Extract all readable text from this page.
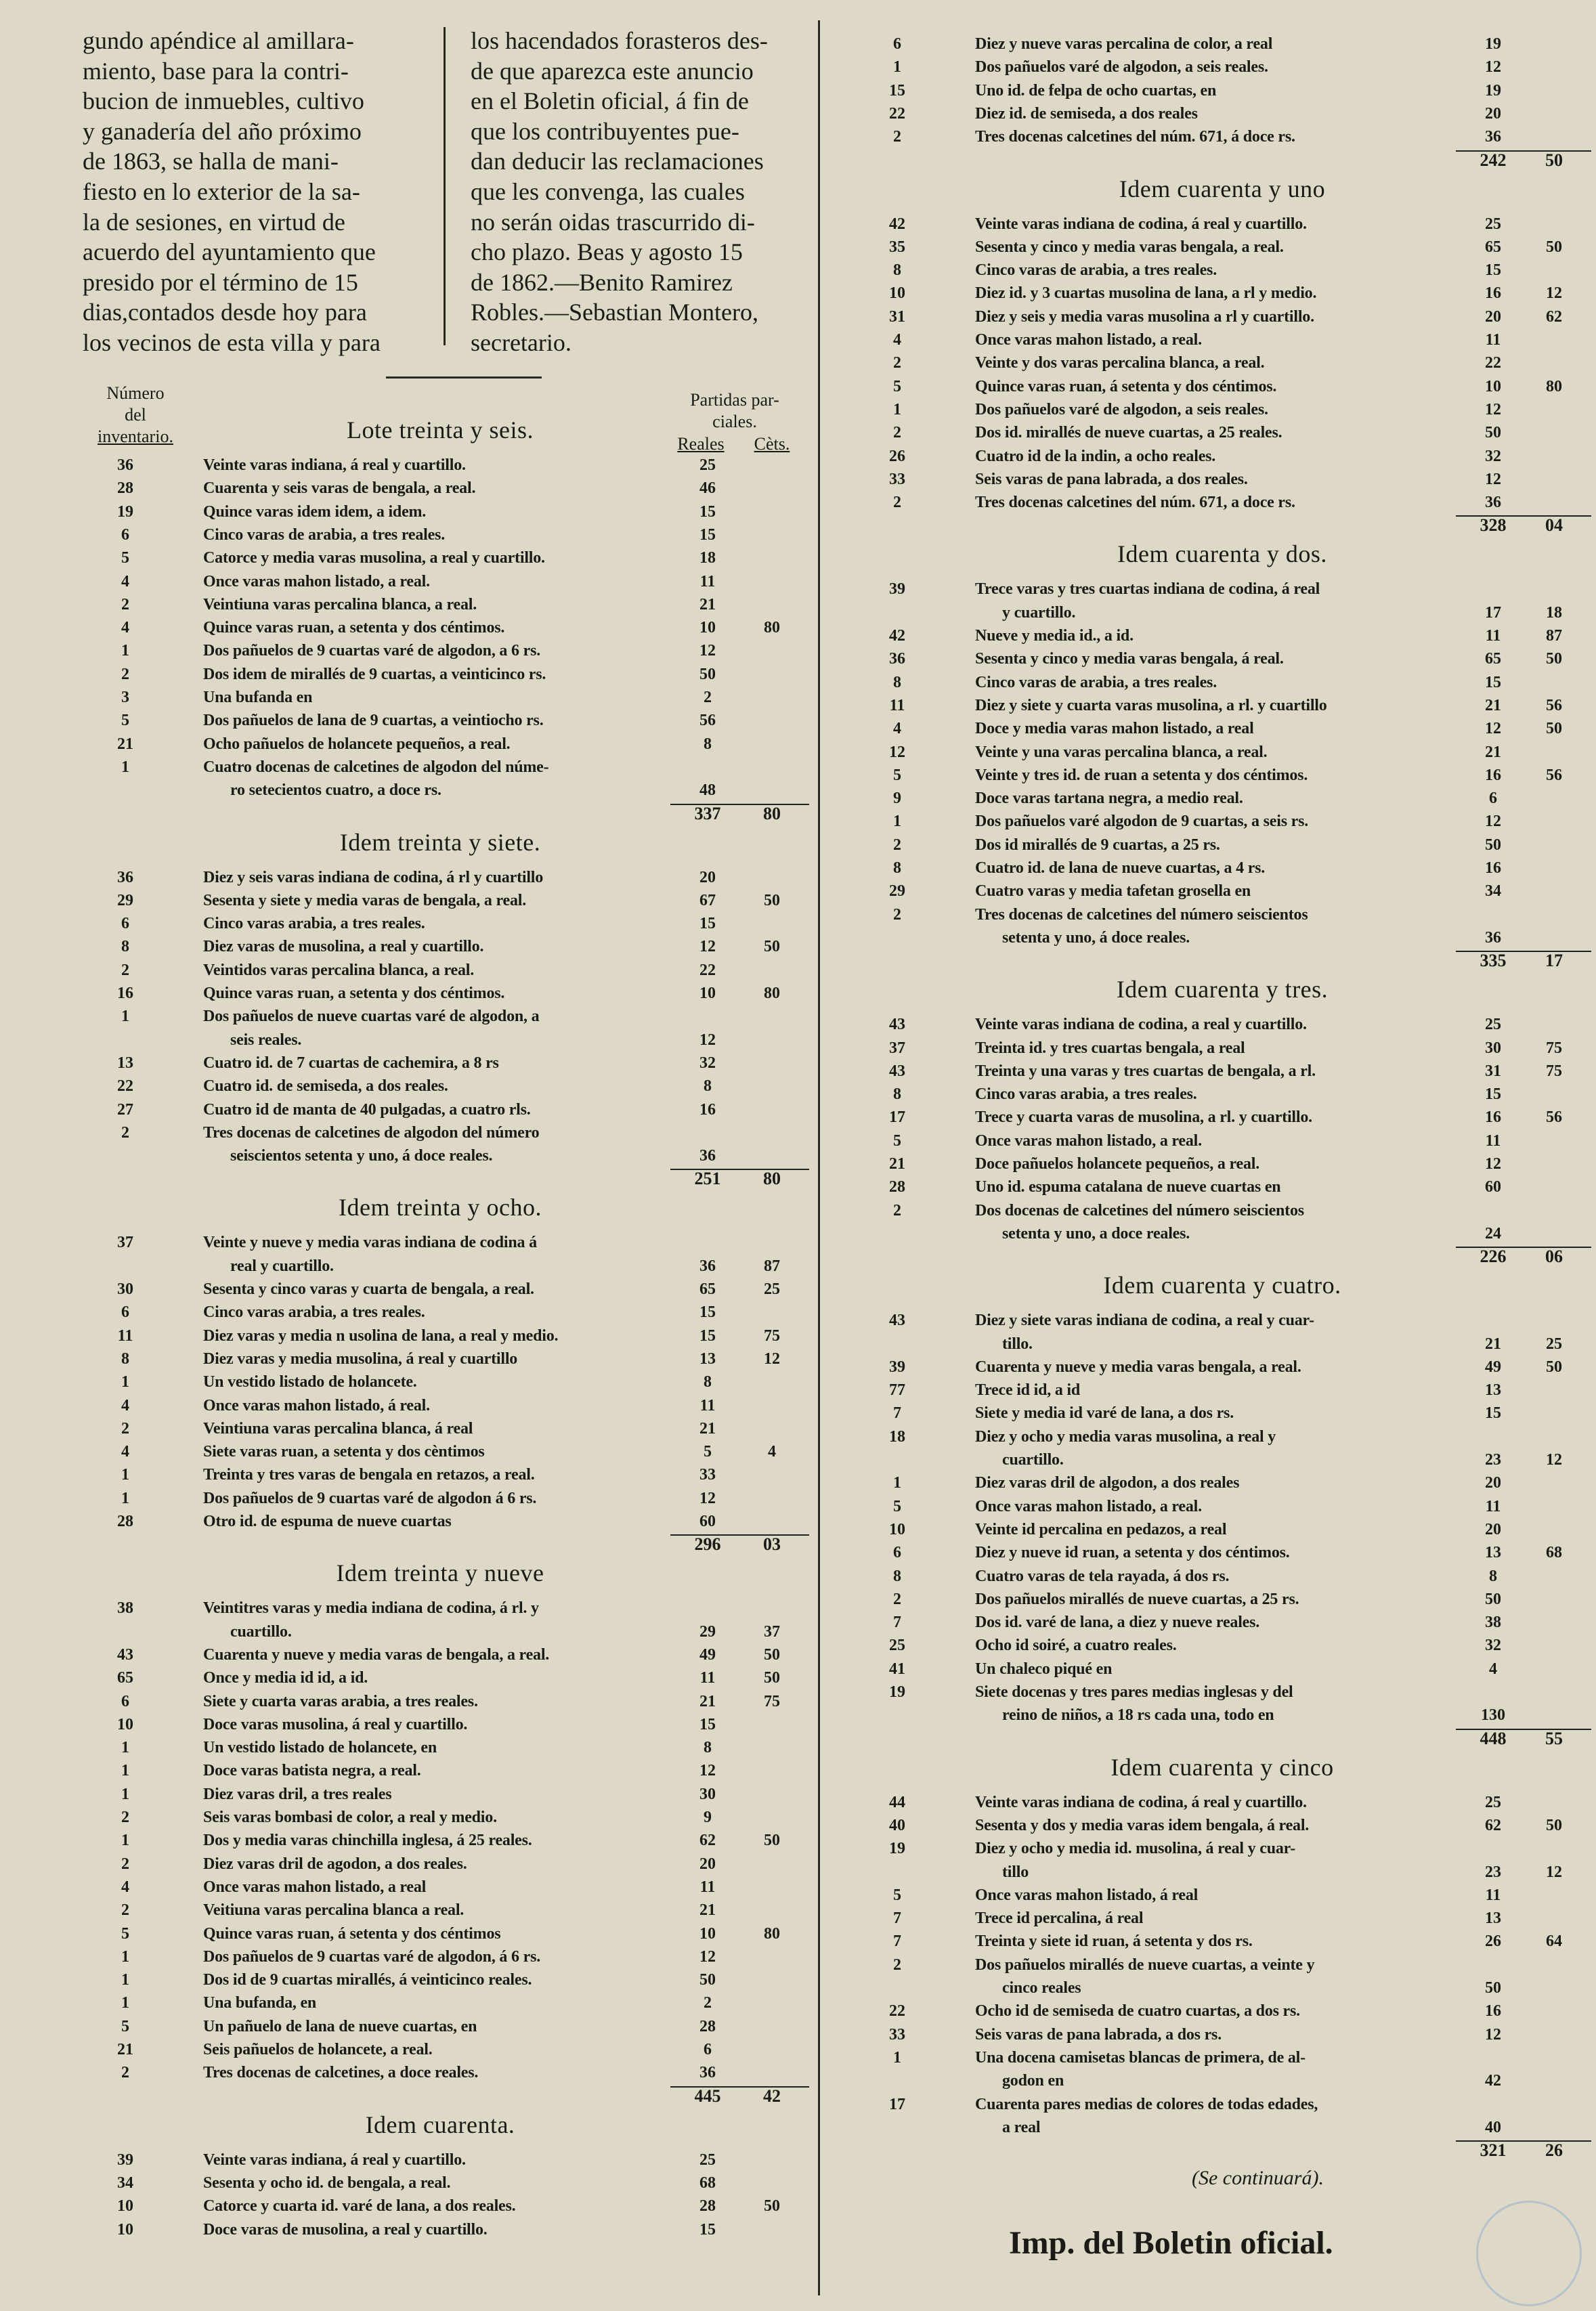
gundo apéndice al amillara-
miento, base para la contri-
bucion de inmuebles, cultivo
y ganadería del año próximo
de 1863, se halla de mani-
fiesto en lo exterior de la sa-
la de sesiones, en virtud de
acuerdo del ayuntamiento que
presido por el término de 15
dias,contados desde hoy para
los vecinos de esta villa y para
los hacendados forasteros des-
de que aparezca este anuncio
en el Boletin oficial, á fin de
que los contribuyentes pue-
dan deducir las reclamaciones
que les convenga, las cuales
no serán oidas trascurrido di-
cho plazo. Beas y agosto 15
de 1862.—Benito Ramirez
Robles.—Sebastian Montero,
secretario.
Número
del
inventario.
Partidas par-
ciales.
Reales	Cèts.
Lote treinta y seis.
36	Veinte varas indiana, á real y cuartillo.	25
28	Cuarenta y seis varas de bengala, a real.	46
19	Quince varas idem idem, a idem.	15
6	Cinco varas de arabia, a tres reales.	15
5	Catorce y media varas musolina, a real y cuartillo.	18
4	Once varas mahon listado, a real.	11
2	Veintiuna varas percalina blanca, a real.	21
4	Quince varas ruan, a setenta y dos céntimos.	10	80
1	Dos pañuelos de 9 cuartas varé de algodon, a 6 rs.	12
2	Dos idem de mirallés de 9 cuartas, a veinticinco rs.	50
3	Una bufanda en	2
5	Dos pañuelos de lana de 9 cuartas, a veintiocho rs.	56
21	Ocho pañuelos de holancete pequeños, a real.	8
1	Cuatro docenas de calcetines de algodon del núme-
ro setecientos cuatro, a doce rs.	48
337	80
Idem treinta y siete.
36	Diez y seis varas indiana de codina, á rl y cuartillo	20
29	Sesenta y siete y media varas de bengala, a real.	67	50
6	Cinco varas arabia, a tres reales.	15
8	Diez varas de musolina, a real y cuartillo.	12	50
2	Veintidos varas percalina blanca, a real.	22
16	Quince varas ruan, a setenta y dos céntimos.	10	80
1	Dos pañuelos de nueve cuartas varé de algodon, a
seis reales.	12
13	Cuatro id. de 7 cuartas de cachemira, a 8 rs	32
22	Cuatro id. de semiseda, a dos reales.	8
27	Cuatro id de manta de 40 pulgadas, a cuatro rls.	16
2	Tres docenas de calcetines de algodon del número
seiscientos setenta y uno, á doce reales.	36
251	80
Idem treinta y ocho.
37	Veinte y nueve y media varas indiana de codina á
real y cuartillo.	36	87
30	Sesenta y cinco varas y cuarta de bengala, a real.	65	25
6	Cinco varas arabia, a tres reales.	15
11	Diez varas y media n usolina de lana, a real y medio.	15	75
8	Diez varas y media musolina, á real y cuartillo	13	12
1	Un vestido listado de holancete.	8
4	Once varas mahon listado, á real.	11
2	Veintiuna varas percalina blanca, á real	21
4	Siete varas ruan, a setenta y dos cèntimos	5	4
1	Treinta y tres varas de bengala en retazos, a real.	33
1	Dos pañuelos de 9 cuartas varé de algodon á 6 rs.	12
28	Otro id. de espuma de nueve cuartas	60
296	03
Idem treinta y nueve
38	Veintitres varas y media indiana de codina, á rl. y
cuartillo.	29	37
43	Cuarenta y nueve y media varas de bengala, a real.	49	50
65	Once y media id id, a id.	11	50
6	Siete y cuarta varas arabia, a tres reales.	21	75
10	Doce varas musolina, á real y cuartillo.	15
1	Un vestido listado de holancete, en	8
1	Doce varas batista negra, a real.	12
1	Diez varas dril, a tres reales	30
2	Seis varas bombasi de color, a real y medio.	9
1	Dos y media varas chinchilla inglesa, á 25 reales.	62	50
2	Diez varas dril de agodon, a dos reales.	20
4	Once varas mahon listado, a real	11
2	Veitiuna varas percalina blanca a real.	21
5	Quince varas ruan, á setenta y dos céntimos	10	80
1	Dos pañuelos de 9 cuartas varé de algodon, á 6 rs.	12
1	Dos id de 9 cuartas mirallés, á veinticinco reales.	50
1	Una bufanda, en	2
5	Un pañuelo de lana de nueve cuartas, en	28
21	Seis pañuelos de holancete, a real.	6
2	Tres docenas de calcetines, a doce reales.	36
445	42
Idem cuarenta.
39	Veinte varas indiana, á real y cuartillo.	25
34	Sesenta y ocho id. de bengala, a real.	68
10	Catorce y cuarta id. varé de lana, a dos reales.	28	50
10	Doce varas de musolina, a real y cuartillo.	15
6	Diez y nueve varas percalina de color, a real	19
1	Dos pañuelos varé de algodon, a seis reales.	12
15	Uno id. de felpa de ocho cuartas, en	19
22	Diez id. de semiseda, a dos reales	20
2	Tres docenas calcetines del núm. 671, á doce rs.	36
242	50
Idem cuarenta y uno
42	Veinte varas indiana de codina, á real y cuartillo.	25
35	Sesenta y cinco y media varas bengala, a real.	65	50
8	Cinco varas de arabia, a tres reales.	15
10	Diez id. y 3 cuartas musolina de lana, a rl y medio.	16	12
31	Diez y seis y media varas musolina a rl y cuartillo.	20	62
4	Once varas mahon listado, a real.	11
2	Veinte y dos varas percalina blanca, a real.	22
5	Quince varas ruan, á setenta y dos céntimos.	10	80
1	Dos pañuelos varé de algodon, a seis reales.	12
2	Dos id. mirallés de nueve cuartas, a 25 reales.	50
26	Cuatro id de la indin, a ocho reales.	32
33	Seis varas de pana labrada, a dos reales.	12
2	Tres docenas calcetines del núm. 671, a doce rs.	36
328	04
Idem cuarenta y dos.
39	Trece varas y tres cuartas indiana de codina, á real
y cuartillo.	17	18
42	Nueve y media id., a id.	11	87
36	Sesenta y cinco y media varas bengala, á real.	65	50
8	Cinco varas de arabia, a tres reales.	15
11	Diez y siete y cuarta varas musolina, a rl. y cuartillo	21	56
4	Doce y media varas mahon listado, a real	12	50
12	Veinte y una varas percalina blanca, a real.	21
5	Veinte y tres id. de ruan a setenta y dos céntimos.	16	56
9	Doce varas tartana negra, a medio real.	6
1	Dos pañuelos varé algodon de 9 cuartas, a seis rs.	12
2	Dos id mirallés de 9 cuartas, a 25 rs.	50
8	Cuatro id. de lana de nueve cuartas, a 4 rs.	16
29	Cuatro varas y media tafetan grosella en	34
2	Tres docenas de calcetines del número seiscientos
setenta y uno, á doce reales.	36
335	17
Idem cuarenta y tres.
43	Veinte varas indiana de codina, a real y cuartillo.	25
37	Treinta id. y tres cuartas bengala, a real	30	75
43	Treinta y una varas y tres cuartas de bengala, a rl.	31	75
8	Cinco varas arabia, a tres reales.	15
17	Trece y cuarta varas de musolina, a rl. y cuartillo.	16	56
5	Once varas mahon listado, a real.	11
21	Doce pañuelos holancete pequeños, a real.	12
28	Uno id. espuma catalana de nueve cuartas en	60
2	Dos docenas de calcetines del número seiscientos
setenta y uno, a doce reales.	24
226	06
Idem cuarenta y cuatro.
43	Diez y siete varas indiana de codina, a real y cuar-
tillo.	21	25
39	Cuarenta y nueve y media varas bengala, a real.	49	50
77	Trece id id, a id	13
7	Siete y media id varé de lana, a dos rs.	15
18	Diez y ocho y media varas musolina, a real y
cuartillo.	23	12
1	Diez varas dril de algodon, a dos reales	20
5	Once varas mahon listado, a real.	11
10	Veinte id percalina en pedazos, a real	20
6	Diez y nueve id ruan, a setenta y dos céntimos.	13	68
8	Cuatro varas de tela rayada, á dos rs.	8
2	Dos pañuelos mirallés de nueve cuartas, a 25 rs.	50
7	Dos id. varé de lana, a diez y nueve reales.	38
25	Ocho id soiré, a cuatro reales.	32
41	Un chaleco piqué en	4
19	Siete docenas y tres pares medias inglesas y del
reino de niños, a 18 rs cada una, todo en	130
448	55
Idem cuarenta y cinco
44	Veinte varas indiana de codina, á real y cuartillo.	25
40	Sesenta y dos y media varas idem bengala, á real.	62	50
19	Diez y ocho y media id. musolina, á real y cuar-
tillo	23	12
5	Once varas mahon listado, á real	11
7	Trece id percalina, á real	13
7	Treinta y siete id ruan, á setenta y dos rs.	26	64
2	Dos pañuelos mirallés de nueve cuartas, a veinte y
cinco reales	50
22	Ocho id de semiseda de cuatro cuartas, a dos rs.	16
33	Seis varas de pana labrada, a dos rs.	12
1	Una docena camisetas blancas de primera, de al-
godon en	42
17	Cuarenta pares medias de colores de todas edades,
a real	40
321	26
(Se continuará).
Imp. del Boletin oficial.
